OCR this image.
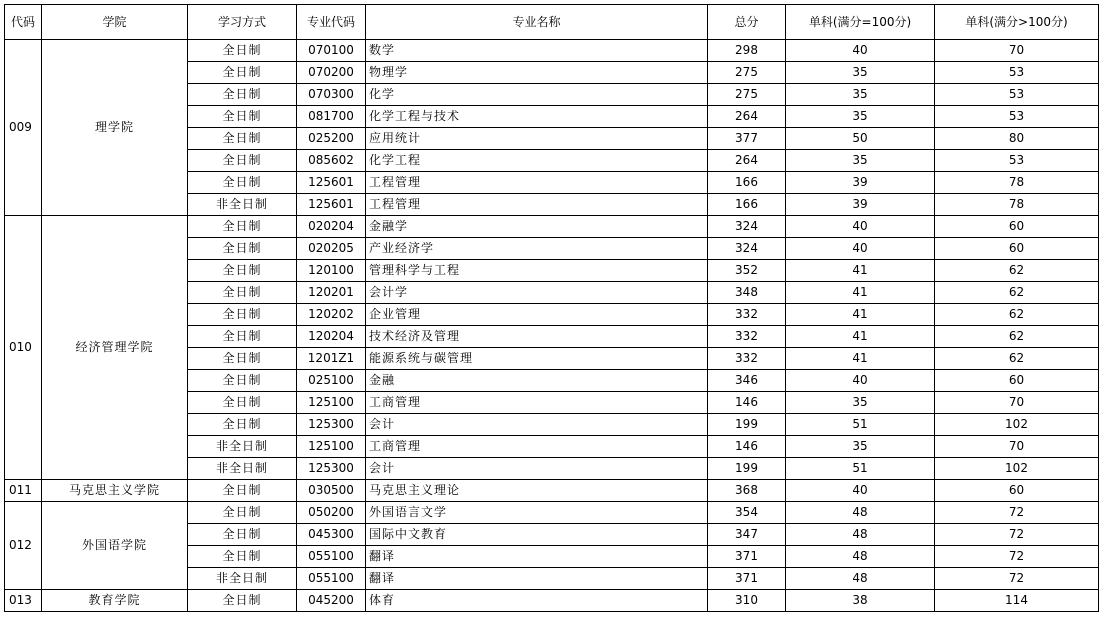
代码	学院	学习方式	专业代码	专业名称	总分	单科(满分=100分)	单科(满分>100分)
009	理学院	全日制	070100	数学	298	40	70
		全日制	070200	物理学	275	35	53
		全日制	070300	化学	275	35	53
		全日制	081700	化学工程与技术	264	35	53
		全日制	025200	应用统计	377	50	80
		全日制	085602	化学工程	264	35	53
		全日制	125601	工程管理	166	39	78
		非全日制	125601	工程管理	166	39	78
010	经济管理学院	全日制	020204	金融学	324	40	60
		全日制	020205	产业经济学	324	40	60
		全日制	120100	管理科学与工程	352	41	62
		全日制	120201	会计学	348	41	62
		全日制	120202	企业管理	332	41	62
		全日制	120204	技术经济及管理	332	41	62
		全日制	1201Z1	能源系统与碳管理	332	41	62
		全日制	025100	金融	346	40	60
		全日制	125100	工商管理	146	35	70
		全日制	125300	会计	199	51	102
		非全日制	125100	工商管理	146	35	70
		非全日制	125300	会计	199	51	102
011	马克思主义学院	全日制	030500	马克思主义理论	368	40	60
012	外国语学院	全日制	050200	外国语言文学	354	48	72
		全日制	045300	国际中文教育	347	48	72
		全日制	055100	翻译	371	48	72
		非全日制	055100	翻译	371	48	72
013	教育学院	全日制	045200	体育	310	38	114
